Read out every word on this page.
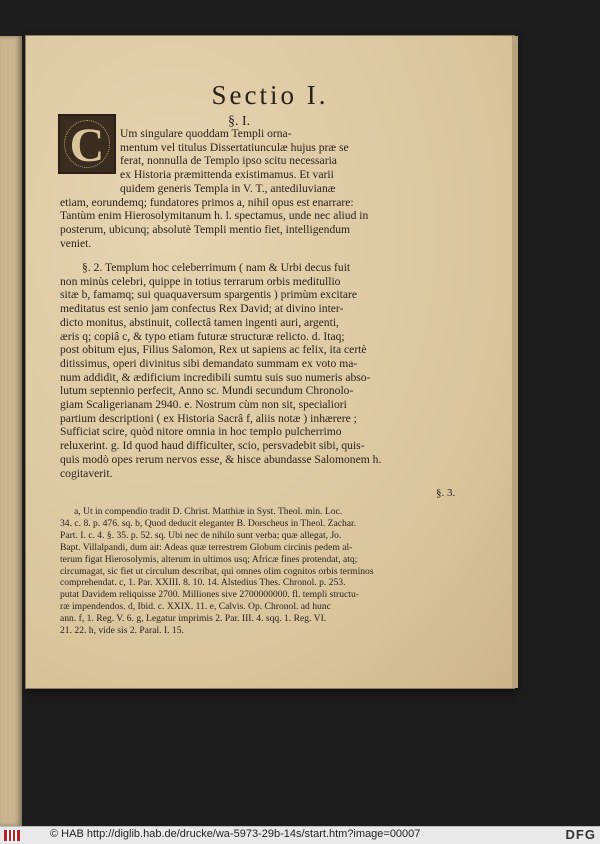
Sectio I.
§. I.
C	Um singulare quoddam Templi orna-
mentum vel titulus Dissertatiunculæ hujus præ se
ferat, nonnulla de Templo ipso scitu necessaria
ex Historia præmittenda existimamus. Et varii
quidem generis Templa in V. T., antediluvianæ
etiam, eorundemq; fundatores primos a, nihil opus est enarrare:
Tantùm enim Hierosolymitanum h. l. spectamus, unde nec aliud in
posterum, ubicunq; absolutè Templi mentio fiet, intelligendum
veniet.
§. 2. Templum hoc celeberrimum ( nam & Urbi decus fuit
non minùs celebri, quippe in totius terrarum orbis meditullio
sitæ b, famamq; sui quaquaversum spargentis ) primùm excitare
meditatus est senio jam confectus Rex David; at divino inter-
dicto monitus, abstinuit, collectâ tamen ingenti auri, argenti,
æris q; copiâ c, & typo etiam futuræ structuræ relicto. d. Itaq;
post obitum ejus, Filius Salomon, Rex ut sapiens ac felix, ita certè
ditissimus, operi divinitus sibi demandato summam ex voto ma-
num addidit, & ædificium incredibili sumtu suis suo numeris abso-
lutum septennio perfecit, Anno sc. Mundi secundum Chronolo-
giam Scaligerianam 2940. e. Nostrum cùm non sit, specialiori
partium descriptioni ( ex Historia Sacrâ f, aliis notæ ) inhærere ;
Sufficiat scire, quòd nitore omnia in hoc templo pulcherrimo
reluxerint. g. Id quod haud difficulter, scio, persvadebit sibi, quis-
quis modò opes rerum nervos esse, & hisce abundasse Salomonem h.
cogitaverit.
§. 3.
a, Ut in compendio tradit D. Christ. Matthiæ in Syst. Theol. min. Loc.
34. c. 8. p. 476. sq. b, Quod deducit eleganter B. Dorscheus in Theol. Zachar.
Part. I. c. 4. §. 35. p. 52. sq. Ubi nec de nihilo sunt verba; quæ allegat, Jo.
Bapt. Villalpandi, dum ait: Adeas quæ terrestrem Globum circinis pedem al-
terum figat Hierosolymis, alterum in ultimos usq; Africæ fines protendat, atq;
circumagat, sic fiet ut circulum describat, qui omnes olim cognitos orbis terminos
comprehendat. c, 1. Par. XXIII. 8. 10. 14. Alstedius Thes. Chronol. p. 253.
putat Davidem reliquisse 2700. Milliones sive 2700000000. fl. templi structu-
ræ impendendos. d, Ibid. c. XXIX. 11. e, Calvis. Op. Chronol. ad hunc
ann. f, 1. Reg. V. 6. g, Legatur imprimis 2. Par. III. 4. sqq. 1. Reg. VI.
21. 22. h, vide sis 2. Paral. I. 15.
© HAB http://diglib.hab.de/drucke/wa-5973-29b-14s/start.htm?image=00007	DFG
